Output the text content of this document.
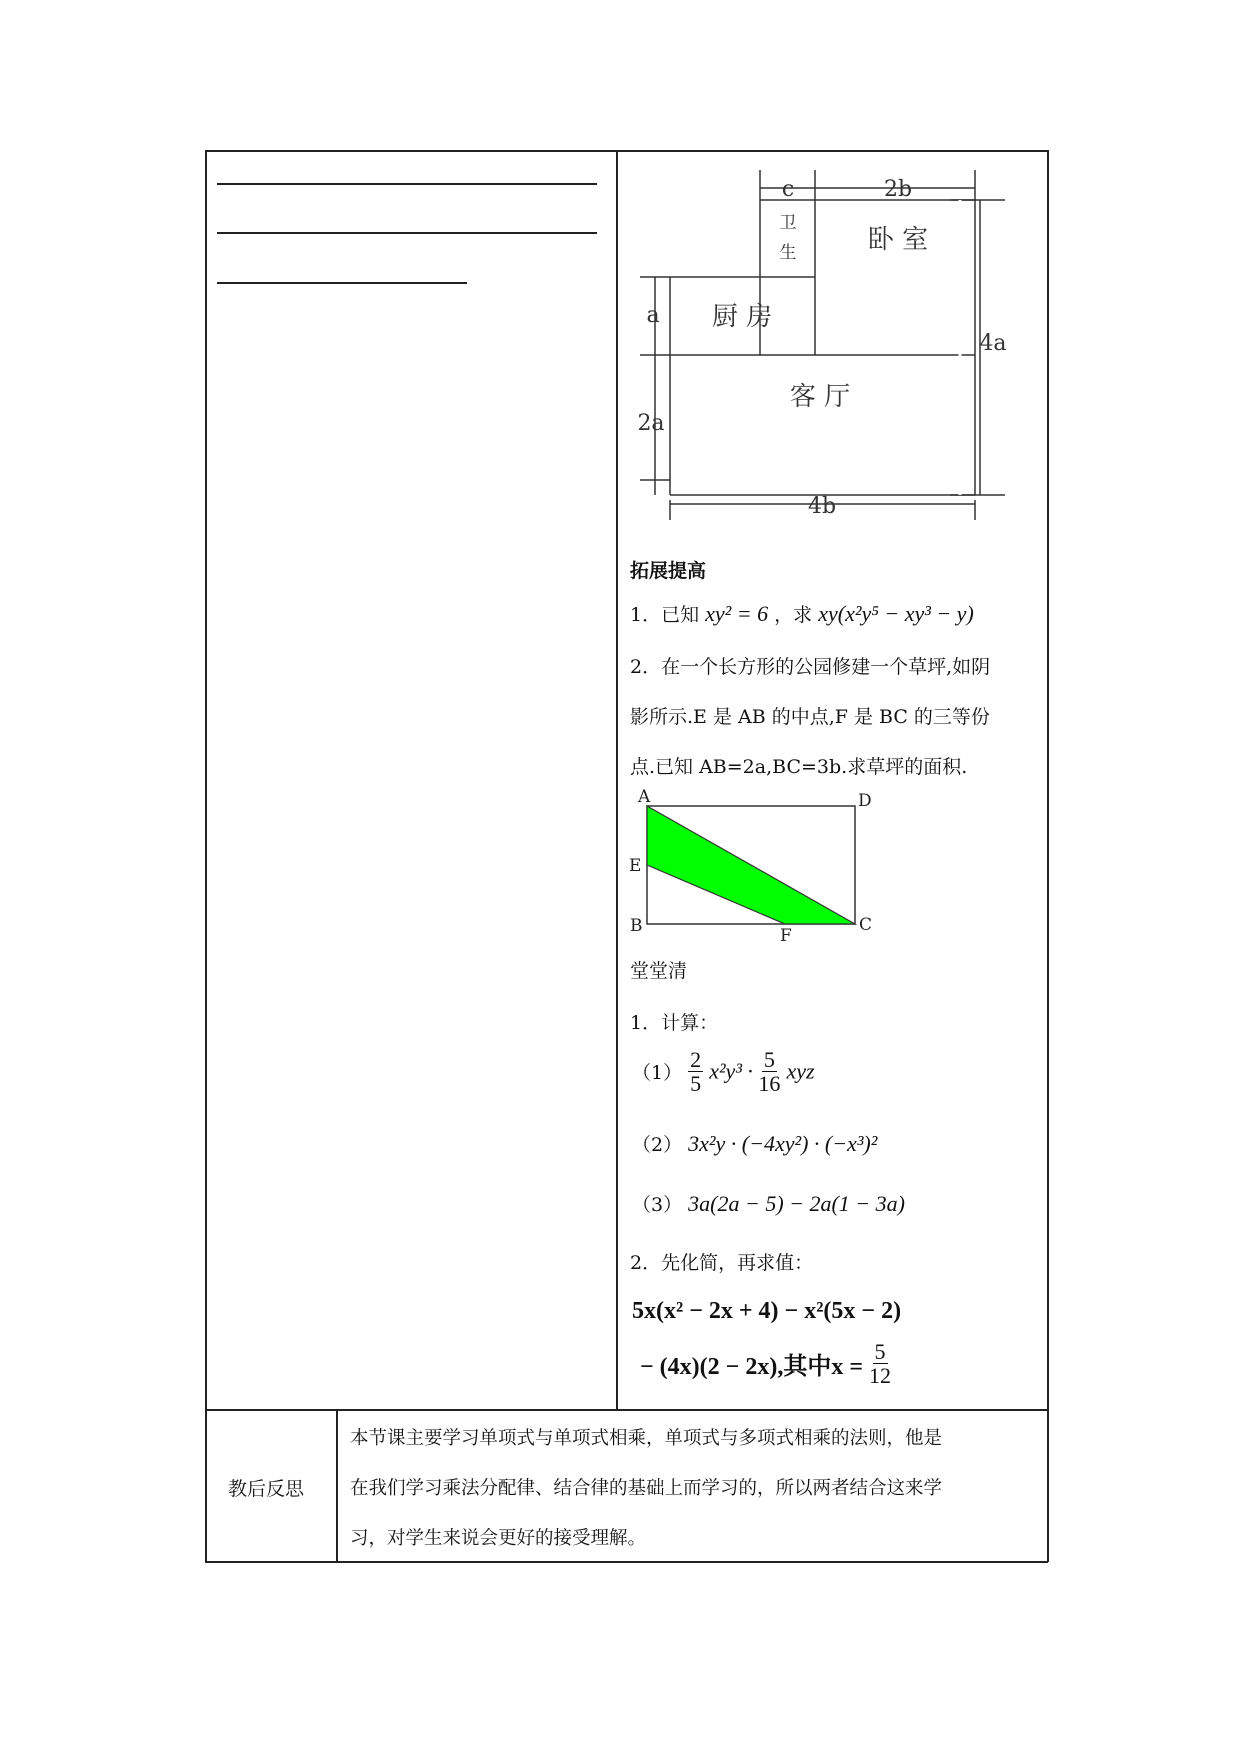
c	2b
卫
生	卧 室
厨 房
客 厅
a
4a
2a
4b
拓展提高
1．已知 xy² = 6 ，求 xy(x²y⁵ − xy³ − y)
2．在一个长方形的公园修建一个草坪,如阴
影所示.E 是 AB 的中点,F 是 BC 的三等份
点.已知 AB=2a,BC=3b.求草坪的面积.
A	D
E
B	F
C
堂堂清
1．计算：
$(1) \frac{2}{5} x^2y^3 \cdot \frac{5}{16}$ xyz
（2） 3x²y · (−4xy²) · (−x³)²
（3） 3a(2a − 5) − 2a(1 − 3a)
2．先化简，再求值：
5x(x² − 2x + 4) − x²(5x − 2)
− (4x)(2 − 2x),其中$x = \frac{5}{12}$
教后反思
本节课主要学习单项式与单项式相乘，单项式与多项式相乘的法则，他是
在我们学习乘法分配律、结合律的基础上而学习的，所以两者结合这来学
习，对学生来说会更好的接受理解。
